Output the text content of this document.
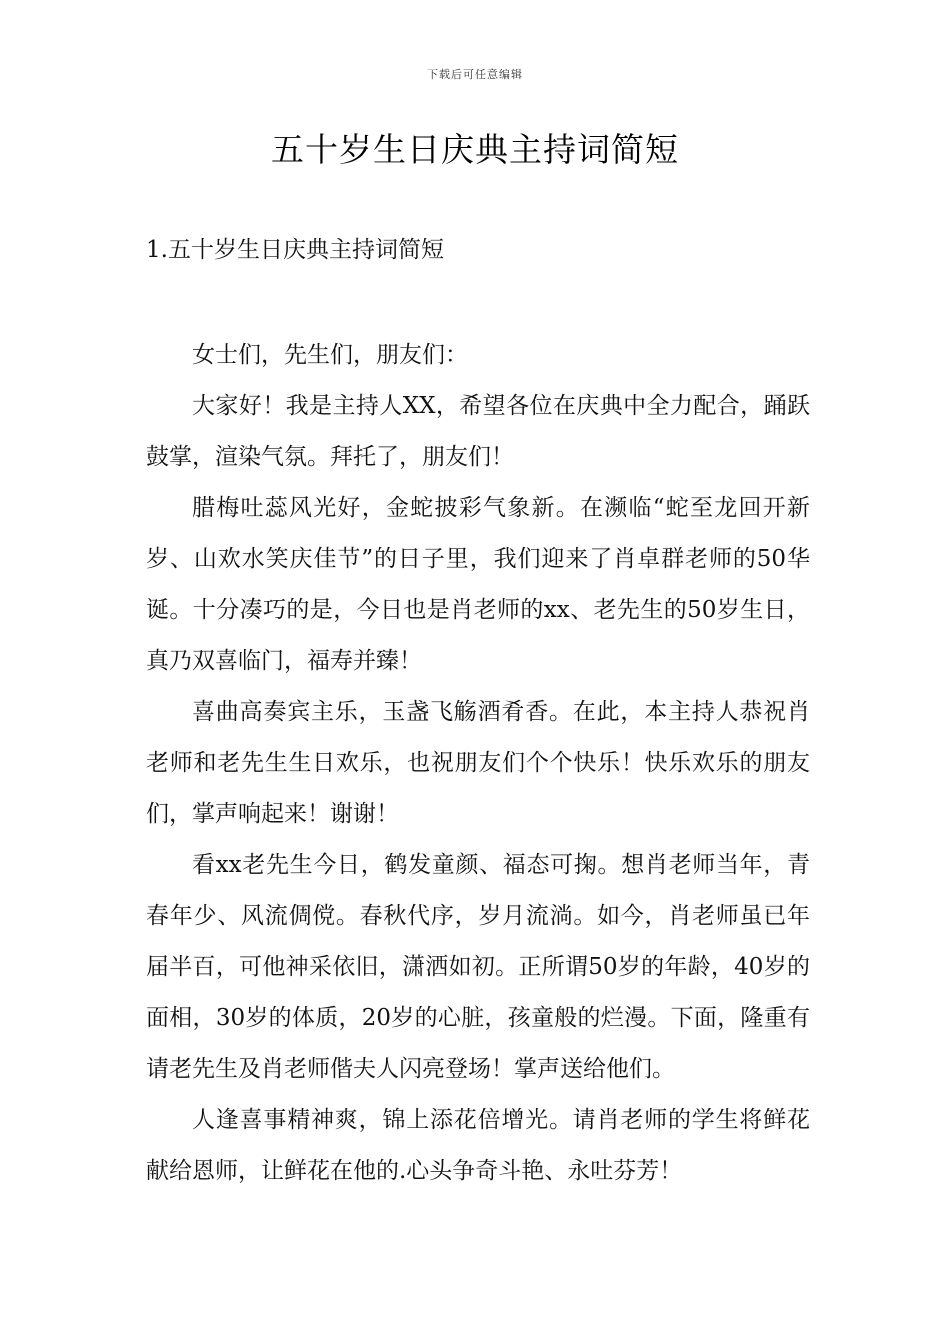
下载后可任意编辑
五十岁生日庆典主持词简短
1.五十岁生日庆典主持词简短

女士们，先生们，朋友们：

大家好！我是主持人XX，希望各位在庆典中全力配合，踊跃鼓掌，渲染气氛。拜托了，朋友们！

腊梅吐蕊风光好，金蛇披彩气象新。在濒临“蛇至龙回开新岁、山欢水笑庆佳节”的日子里，我们迎来了肖卓群老师的50华诞。十分凑巧的是，今日也是肖老师的xx、老先生的50岁生日，真乃双喜临门，福寿并臻！

喜曲高奏宾主乐，玉盏飞觞酒肴香。在此，本主持人恭祝肖老师和老先生生日欢乐，也祝朋友们个个快乐！快乐欢乐的朋友们，掌声响起来！谢谢！

看xx老先生今日，鹤发童颜、福态可掬。想肖老师当年，青春年少、风流倜傥。春秋代序，岁月流淌。如今，肖老师虽已年届半百，可他神采依旧，潇洒如初。正所谓50岁的年龄，40岁的面相，30岁的体质，20岁的心脏，孩童般的烂漫。下面，隆重有请老先生及肖老师偕夫人闪亮登场！掌声送给他们。

人逢喜事精神爽，锦上添花倍增光。请肖老师的学生将鲜花献给恩师，让鲜花在他的.心头争奇斗艳、永吐芬芳！
